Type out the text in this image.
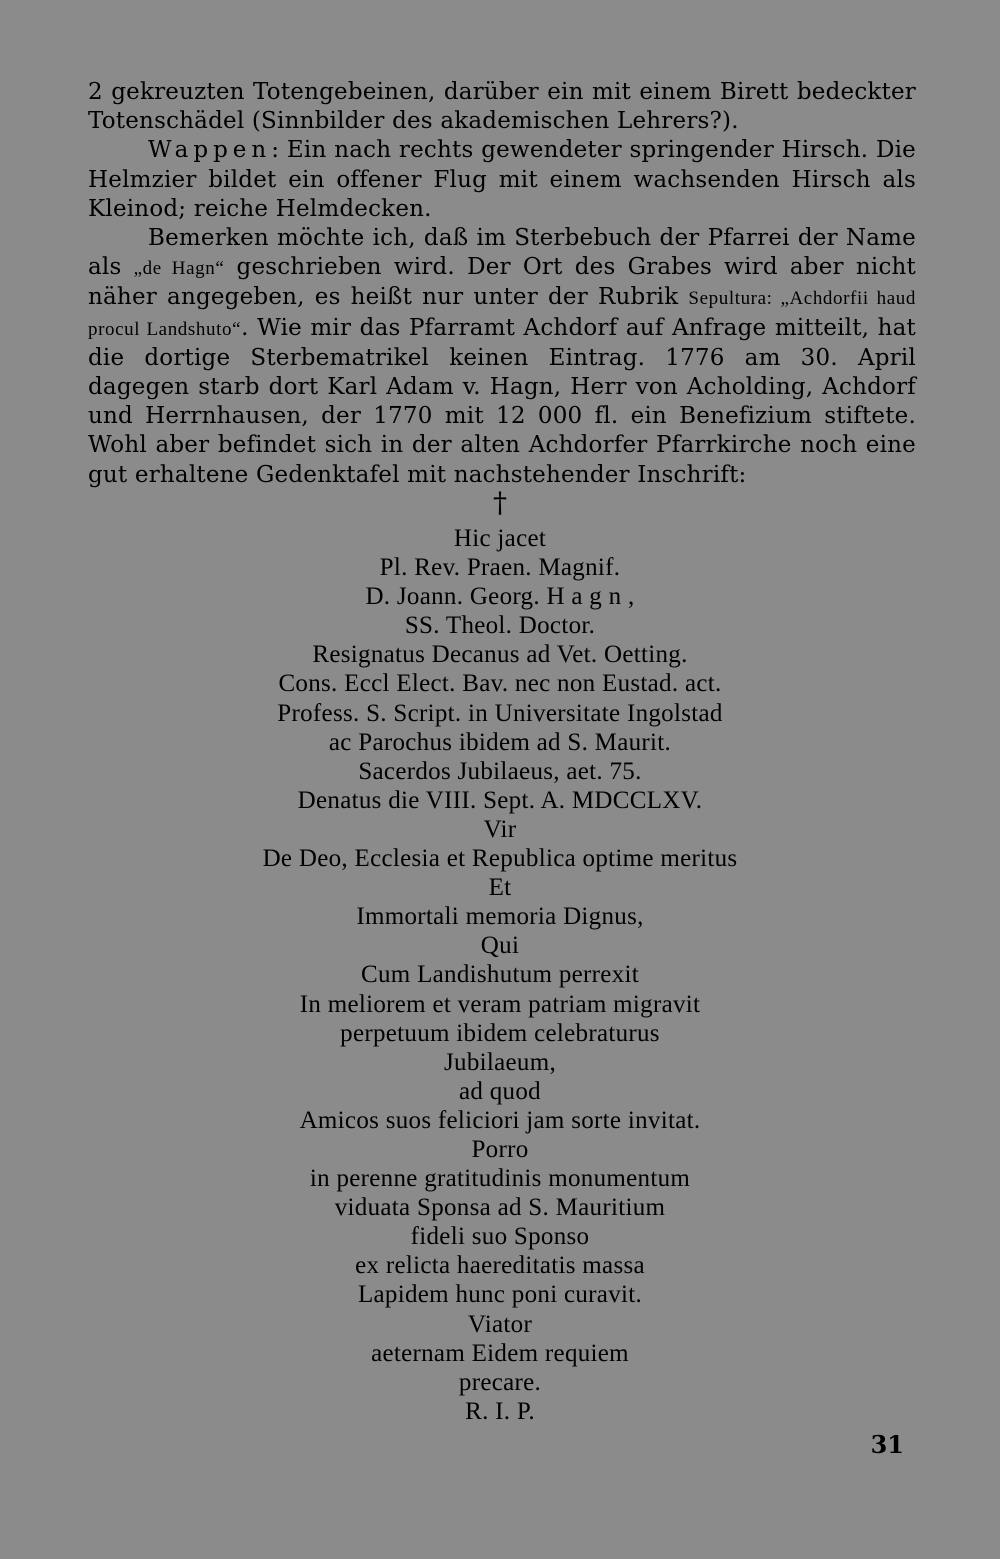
2 gekreuzten Totengebeinen, darüber ein mit einem Birett bedeckter Totenschädel (Sinnbilder des akademischen Lehrers?).

Wappen: Ein nach rechts gewendeter springender Hirsch. Die Helmzier bildet ein offener Flug mit einem wachsenden Hirsch als Kleinod; reiche Helmdecken.

Bemerken möchte ich, daß im Sterbebuch der Pfarrei der Name als „de Hagn“ geschrieben wird. Der Ort des Grabes wird aber nicht näher angegeben, es heißt nur unter der Rubrik Sepultura: „Achdorfii haud procul Landshuto“. Wie mir das Pfarramt Achdorf auf Anfrage mitteilt, hat die dortige Sterbematrikel keinen Eintrag. 1776 am 30. April dagegen starb dort Karl Adam v. Hagn, Herr von Acholding, Achdorf und Herrnhausen, der 1770 mit 12 000 fl. ein Benefizium stiftete. Wohl aber befindet sich in der alten Achdorfer Pfarrkirche noch eine gut erhaltene Gedenktafel mit nachstehender Inschrift:

†
Hic jacet
Pl. Rev. Praen. Magnif.
D. Joann. Georg. H a g n ,
SS. Theol. Doctor.
Resignatus Decanus ad Vet. Oetting.
Cons. Eccl Elect. Bav. nec non Eustad. act.
Profess. S. Script. in Universitate Ingolstad
ac Parochus ibidem ad S. Maurit.
Sacerdos Jubilaeus, aet. 75.
Denatus die VIII. Sept. A. MDCCLXV.
Vir
De Deo, Ecclesia et Republica optime meritus
Et
Immortali memoria Dignus,
Qui
Cum Landishutum perrexit
In meliorem et veram patriam migravit
perpetuum ibidem celebraturus
Jubilaeum,
ad quod
Amicos suos feliciori jam sorte invitat.
Porro
in perenne gratitudinis monumentum
viduata Sponsa ad S. Mauritium
fideli suo Sponso
ex relicta haereditatis massa
Lapidem hunc poni curavit.
Viator
aeternam Eidem requiem
precare.
R. I. P.
31
